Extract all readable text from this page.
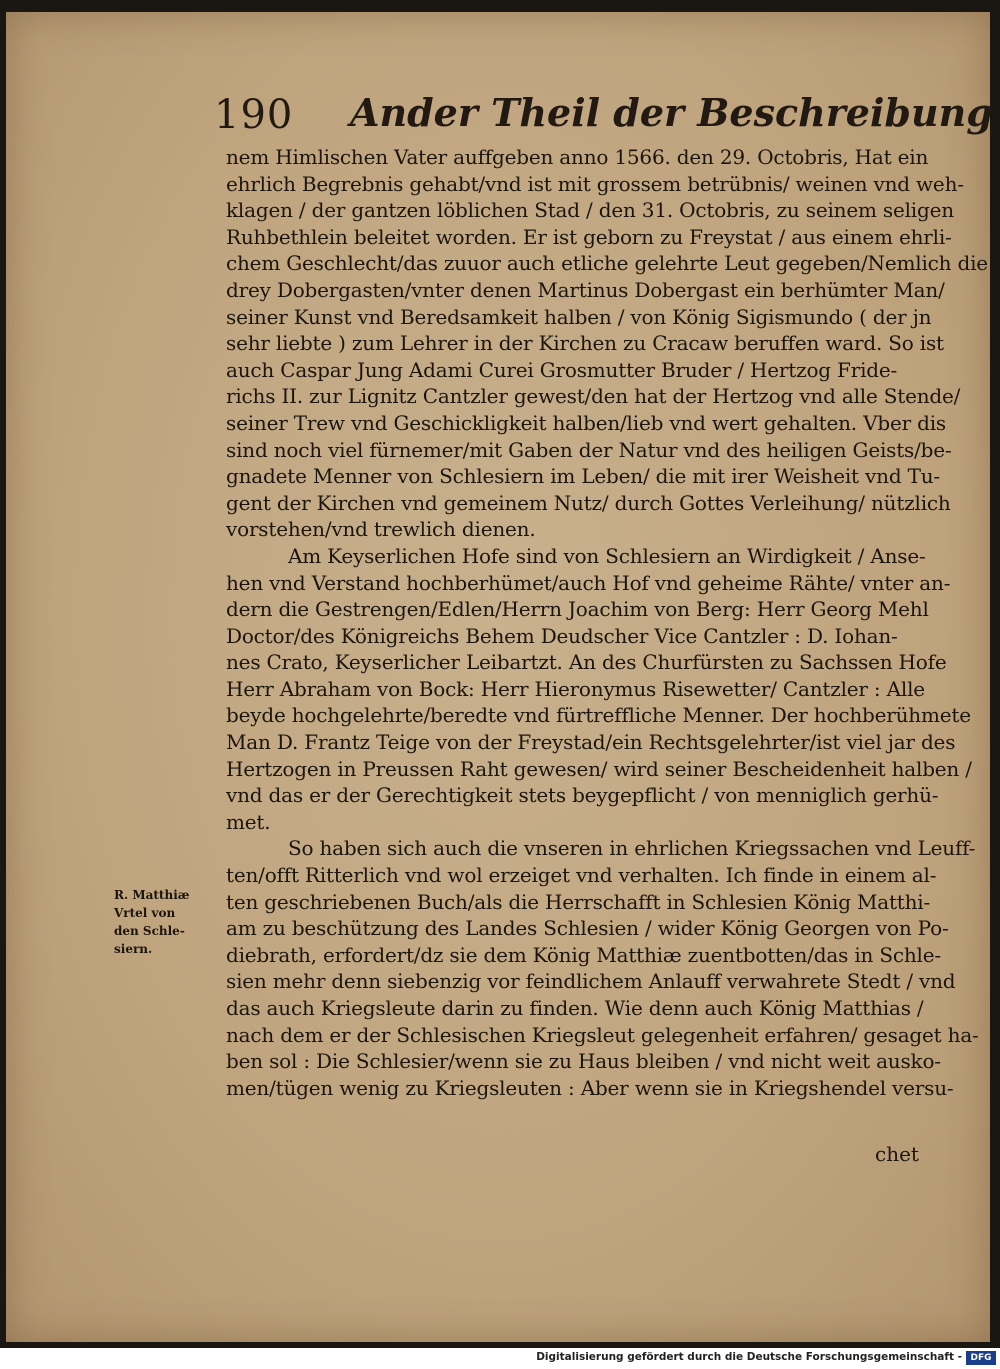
190 Ander Theil der Beschreibung
nem Himlischen Vater auffgeben anno 1566. den 29. Octobris, Hat ein
ehrlich Begrebnis gehabt/vnd ist mit grossem betrübnis/ weinen vnd weh-
klagen / der gantzen löblichen Stad / den 31. Octobris, zu seinem seligen
Ruhbethlein beleitet worden. Er ist geborn zu Freystat / aus einem ehrli-
chem Geschlecht/das zuuor auch etliche gelehrte Leut gegeben/Nemlich die
drey Dobergasten/vnter denen Martinus Dobergast ein berhümter Man/
seiner Kunst vnd Beredsamkeit halben / von König Sigismundo ( der jn
sehr liebte ) zum Lehrer in der Kirchen zu Cracaw beruffen ward. So ist
auch Caspar Jung Adami Curei Grosmutter Bruder / Hertzog Fride-
richs II. zur Lignitz Cantzler gewest/den hat der Hertzog vnd alle Stende/
seiner Trew vnd Geschickligkeit halben/lieb vnd wert gehalten. Vber dis
sind noch viel fürnemer/mit Gaben der Natur vnd des heiligen Geists/be-
gnadete Menner von Schlesiern im Leben/ die mit irer Weisheit vnd Tu-
gent der Kirchen vnd gemeinem Nutz/ durch Gottes Verleihung/ nützlich
vorstehen/vnd trewlich dienen.
Am Keyserlichen Hofe sind von Schlesiern an Wirdigkeit / Anse-
hen vnd Verstand hochberhümet/auch Hof vnd geheime Rähte/ vnter an-
dern die Gestrengen/Edlen/Herrn Joachim von Berg: Herr Georg Mehl
Doctor/des Königreichs Behem Deudscher Vice Cantzler : D. Iohan-
nes Crato, Keyserlicher Leibartzt. An des Churfürsten zu Sachssen Hofe
Herr Abraham von Bock: Herr Hieronymus Risewetter/ Cantzler : Alle
beyde hochgelehrte/beredte vnd fürtreffliche Menner. Der hochberühmete
Man D. Frantz Teige von der Freystad/ein Rechtsgelehrter/ist viel jar des
Hertzogen in Preussen Raht gewesen/ wird seiner Bescheidenheit halben /
vnd das er der Gerechtigkeit stets beygepflicht / von menniglich gerhü-
met.
So haben sich auch die vnseren in ehrlichen Kriegssachen vnd Leuff-
ten/offt Ritterlich vnd wol erzeiget vnd verhalten. Ich finde in einem al-
ten geschriebenen Buch/als die Herrschafft in Schlesien König Matthi-
am zu beschützung des Landes Schlesien / wider König Georgen von Po-
diebrath, erfordert/dz sie dem König Matthiæ zuentbotten/das in Schle-
sien mehr denn siebenzig vor feindlichem Anlauff verwahrete Stedt / vnd
das auch Kriegsleute darin zu finden. Wie denn auch König Matthias /
nach dem er der Schlesischen Kriegsleut gelegenheit erfahren/ gesaget ha-
ben sol : Die Schlesier/wenn sie zu Haus bleiben / vnd nicht weit ausko-
men/tügen wenig zu Kriegsleuten : Aber wenn sie in Kriegshendel versu-
R. Matthiæ
Vrtel von
den Schle-
siern.
chet
Digitalisierung gefördert durch die Deutsche Forschungsgemeinschaft - DFG
